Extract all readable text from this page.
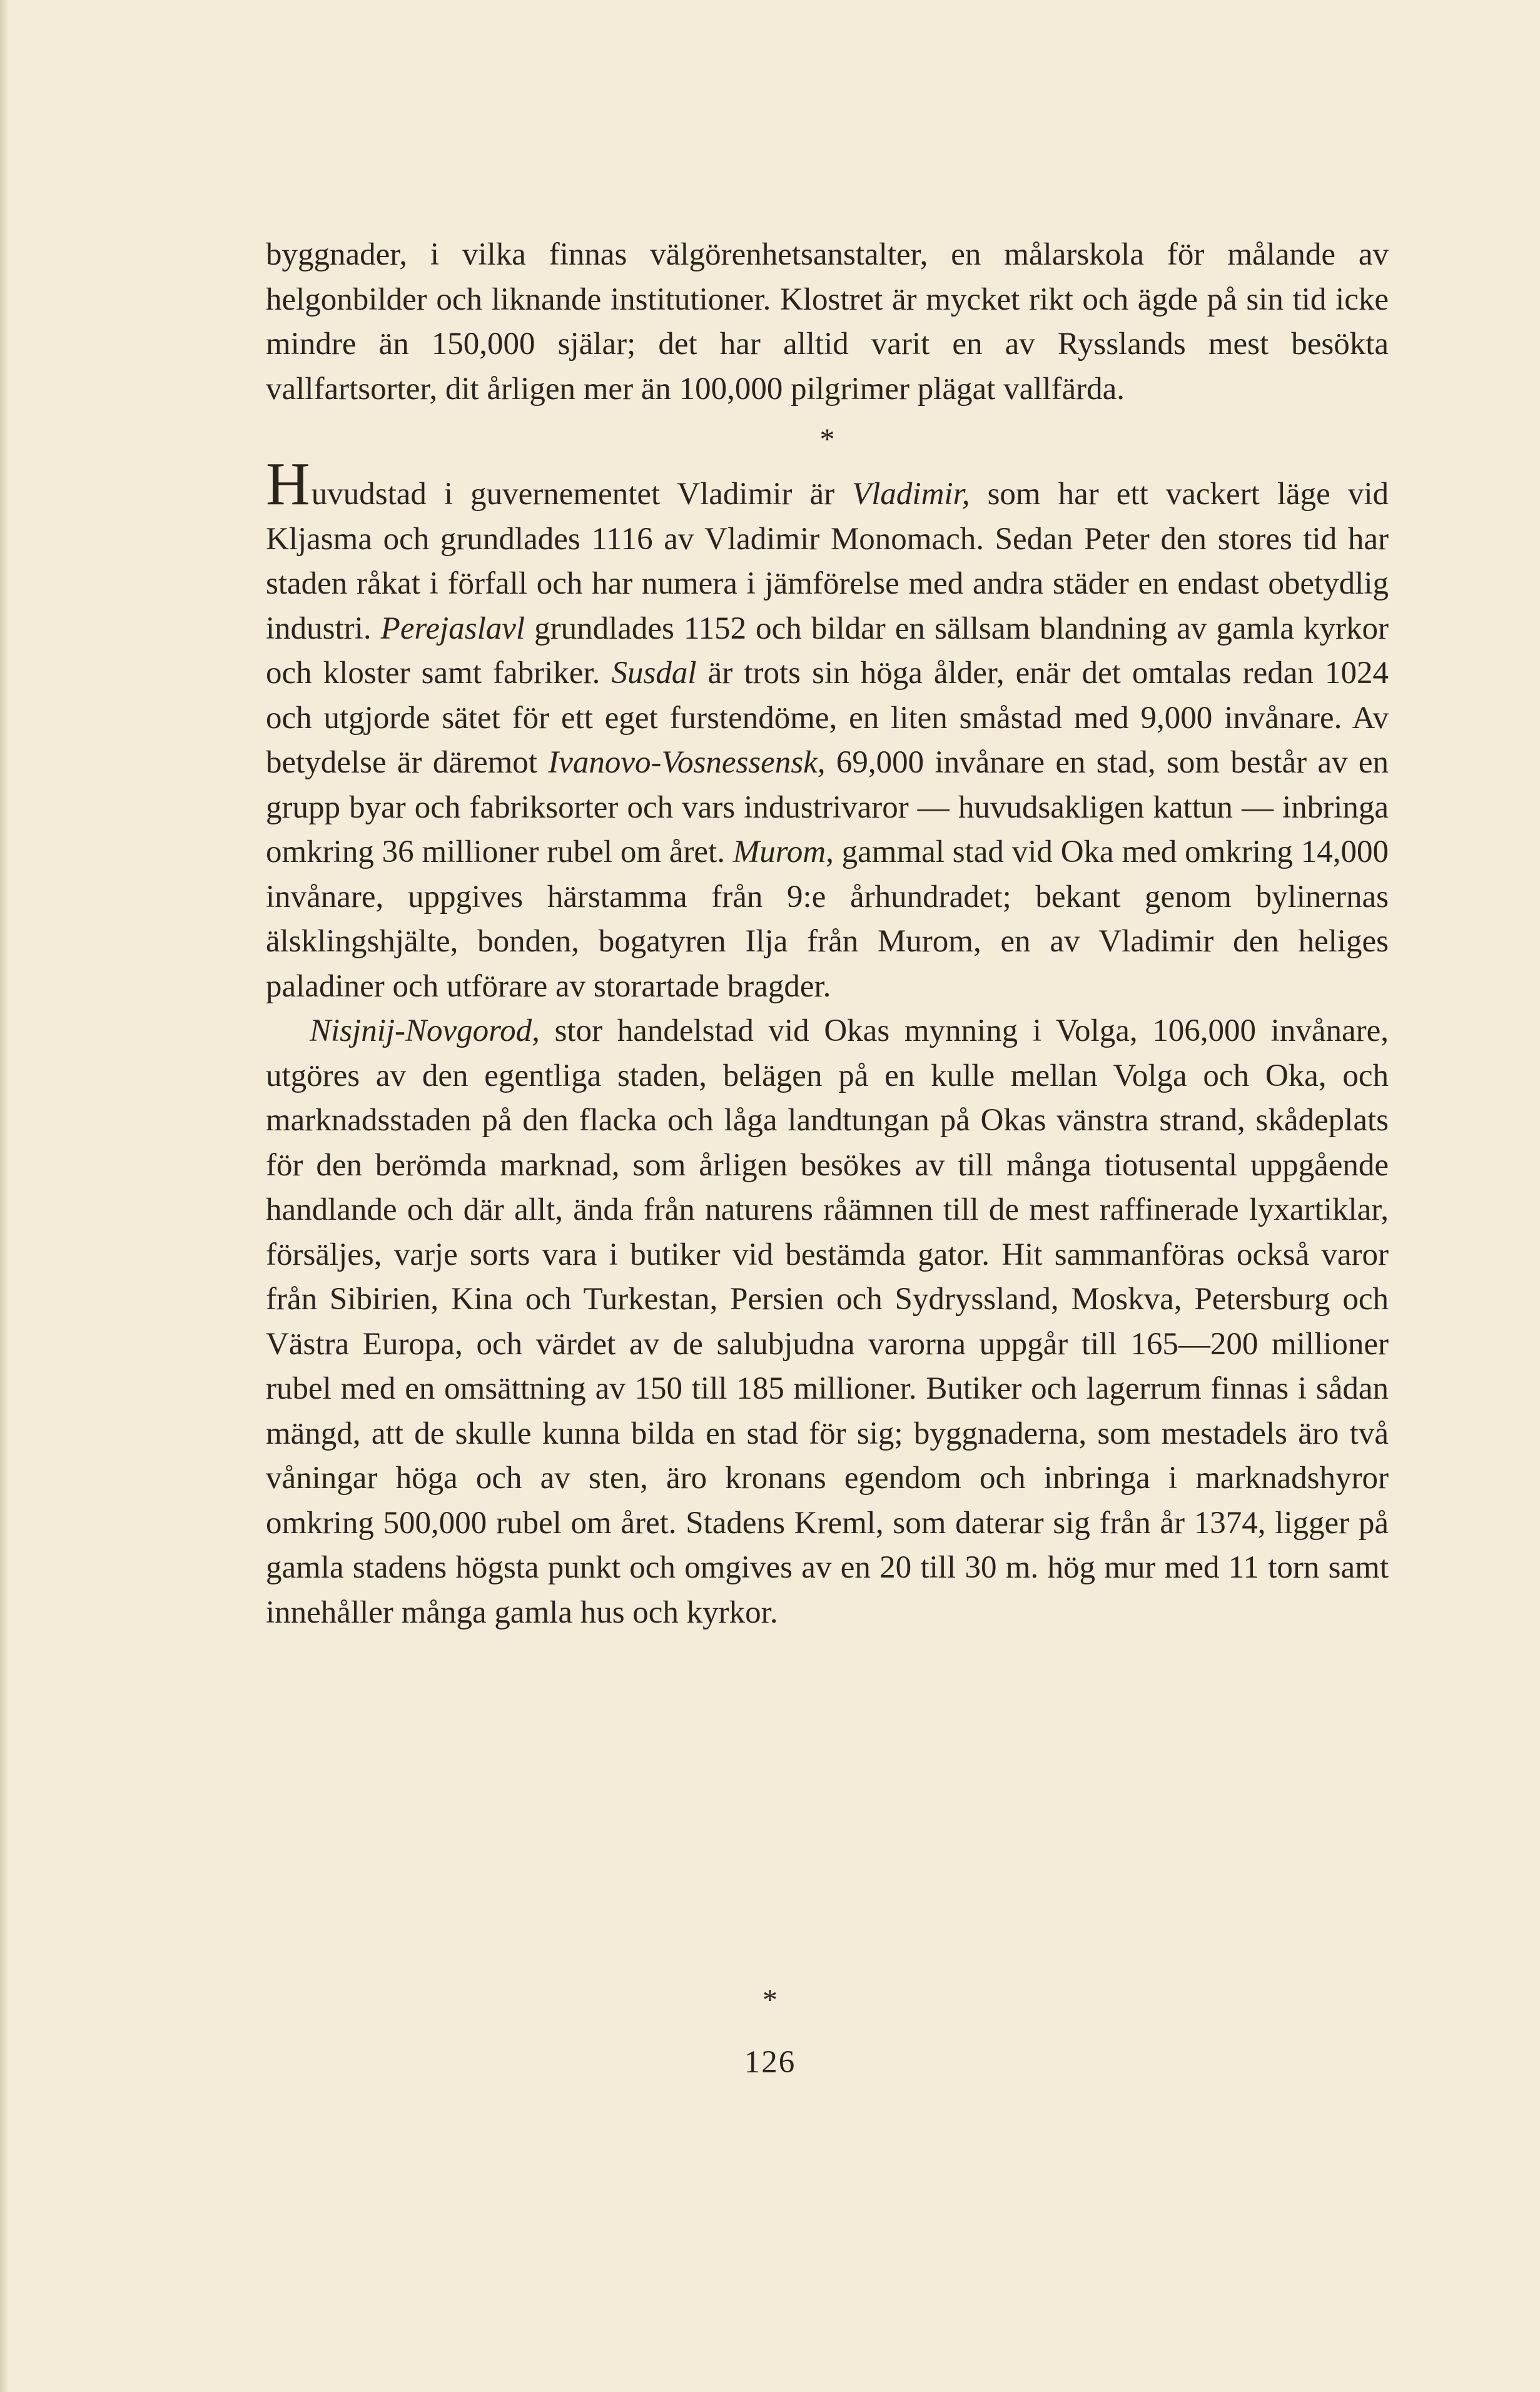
byggnader, i vilka finnas välgörenhetsanstalter, en målarskola för målande av helgonbilder och liknande institutioner. Klostret är mycket rikt och ägde på sin tid icke mindre än 150,000 själar; det har alltid varit en av Rysslands mest besökta vallfartsorter, dit årligen mer än 100,000 pilgrimer plägat vallfärda.

*

Huvudstad i guvernementet Vladimir är Vladimir, som har ett vackert läge vid Kljasma och grundlades 1116 av Vladimir Monomach. Sedan Peter den stores tid har staden råkat i förfall och har numera i jämförelse med andra städer en endast obetydlig industri. Perejaslavl grundlades 1152 och bildar en sällsam blandning av gamla kyrkor och kloster samt fabriker. Susdal är trots sin höga ålder, enär det omtalas redan 1024 och utgjorde sätet för ett eget furstendöme, en liten småstad med 9,000 invånare. Av betydelse är däremot Ivanovo-Vosnessensk, 69,000 invånare en stad, som består av en grupp byar och fabriksorter och vars industrivaror — huvudsakligen kattun — inbringa omkring 36 millioner rubel om året. Murom, gammal stad vid Oka med omkring 14,000 invånare, uppgives härstamma från 9:e århundradet; bekant genom bylinernas älsklingshjälte, bonden, bogatyren Ilja från Murom, en av Vladimir den heliges paladiner och utförare av storartade bragder.

Nisjnij-Novgorod, stor handelstad vid Okas mynning i Volga, 106,000 invånare, utgöres av den egentliga staden, belägen på en kulle mellan Volga och Oka, och marknadsstaden på den flacka och låga landtungan på Okas vänstra strand, skådeplats för den berömda marknad, som årligen besökes av till många tiotusental uppgående handlande och där allt, ända från naturens råämnen till de mest raffinerade lyxartiklar, försäljes, varje sorts vara i butiker vid bestämda gator. Hit sammanföras också varor från Sibirien, Kina och Turkestan, Persien och Sydryssland, Moskva, Petersburg och Västra Europa, och värdet av de salubjudna varorna uppgår till 165—200 millioner rubel med en omsättning av 150 till 185 millioner. Butiker och lagerrum finnas i sådan mängd, att de skulle kunna bilda en stad för sig; byggnaderna, som mestadels äro två våningar höga och av sten, äro kronans egendom och inbringa i marknadshyror omkring 500,000 rubel om året. Stadens Kreml, som daterar sig från år 1374, ligger på gamla stadens högsta punkt och omgives av en 20 till 30 m. hög mur med 11 torn samt innehåller många gamla hus och kyrkor.

*
126
